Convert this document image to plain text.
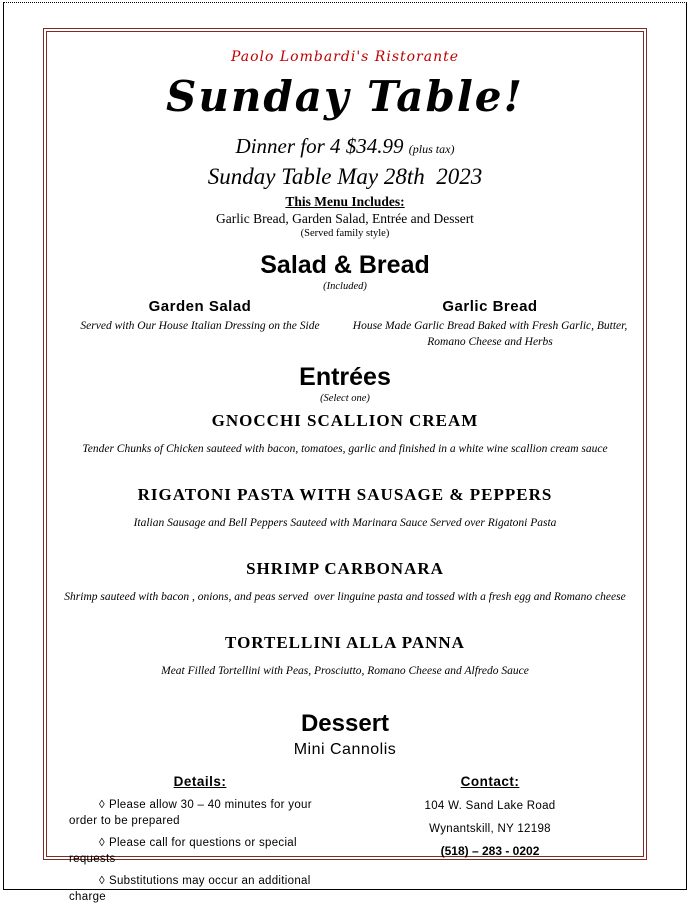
Paolo Lombardi's Ristorante
Sunday Table!
Dinner for 4 $34.99 (plus tax)
Sunday Table May 28th  2023
This Menu Includes:
Garlic Bread, Garden Salad, Entrée and Dessert
(Served family style)
Salad & Bread
(Included)
Garden Salad
Served with Our House Italian Dressing on the Side
Garlic Bread
House Made Garlic Bread Baked with Fresh Garlic, Butter, Romano Cheese and Herbs
Entrées
(Select one)
GNOCCHI SCALLION CREAM
Tender Chunks of Chicken sauteed with bacon, tomatoes, garlic and finished in a white wine scallion cream sauce
RIGATONI PASTA WITH SAUSAGE & PEPPERS
Italian Sausage and Bell Peppers Sauteed with Marinara Sauce Served over Rigatoni Pasta
SHRIMP CARBONARA
Shrimp sauteed with bacon , onions, and peas served  over linguine pasta and tossed with a fresh egg and Romano cheese
TORTELLINI ALLA PANNA
Meat Filled Tortellini with Peas, Prosciutto, Romano Cheese and Alfredo Sauce
Dessert
Mini Cannolis
Details:
◊ Please allow 30 – 40 minutes for your order to be prepared
◊ Please call for questions or special requests
◊ Substitutions may occur an additional charge
Contact:
104 W. Sand Lake Road
Wynantskill, NY 12198
(518) – 283 - 0202
